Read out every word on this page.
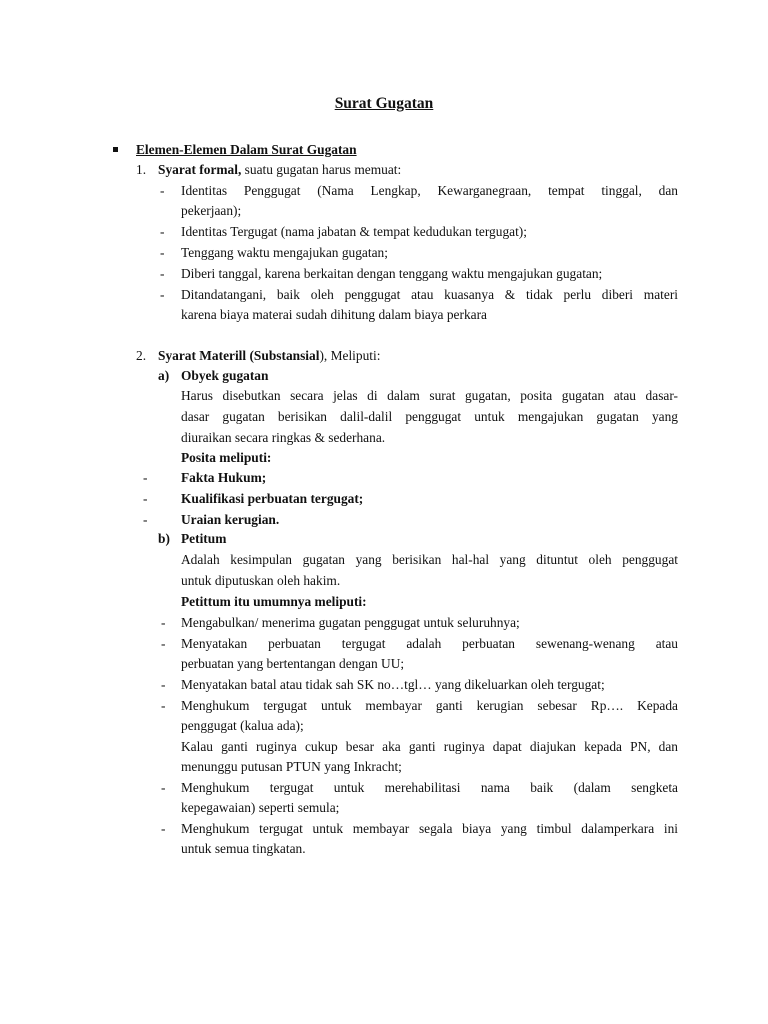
Surat Gugatan
Elemen-Elemen Dalam Surat Gugatan
1. Syarat formal, suatu gugatan harus memuat:
- Identitas Penggugat (Nama Lengkap, Kewarganegraan, tempat tinggal, dan
pekerjaan);
- Identitas Tergugat (nama jabatan & tempat kedudukan tergugat);
- Tenggang waktu mengajukan gugatan;
- Diberi tanggal, karena berkaitan dengan tenggang waktu mengajukan gugatan;
- Ditandatangani, baik oleh penggugat atau kuasanya & tidak perlu diberi materi
karena biaya materai sudah dihitung dalam biaya perkara
2. Syarat Materill (Substansial), Meliputi:
a) Obyek gugatan
Harus disebutkan secara jelas di dalam surat gugatan, posita gugatan atau dasar-
dasar gugatan berisikan dalil-dalil penggugat untuk mengajukan gugatan yang
diuraikan secara ringkas & sederhana.
Posita meliputi:
-	Fakta Hukum;
-	Kualifikasi perbuatan tergugat;
-	Uraian kerugian.
b) Petitum
Adalah kesimpulan gugatan yang berisikan hal-hal yang dituntut oleh penggugat
untuk diputuskan oleh hakim.
Petittum itu umumnya meliputi:
- Mengabulkan/ menerima gugatan penggugat untuk seluruhnya;
- Menyatakan perbuatan tergugat adalah perbuatan sewenang-wenang atau
perbuatan yang bertentangan dengan UU;
- Menyatakan batal atau tidak sah SK no…tgl… yang dikeluarkan oleh tergugat;
- Menghukum tergugat untuk membayar ganti kerugian sebesar Rp…. Kepada
penggugat (kalua ada);
Kalau ganti ruginya cukup besar aka ganti ruginya dapat diajukan kepada PN, dan
menunggu putusan PTUN yang Inkracht;
- Menghukum tergugat untuk merehabilitasi nama baik (dalam sengketa
kepegawaian) seperti semula;
- Menghukum tergugat untuk membayar segala biaya yang timbul dalamperkara ini
untuk semua tingkatan.
